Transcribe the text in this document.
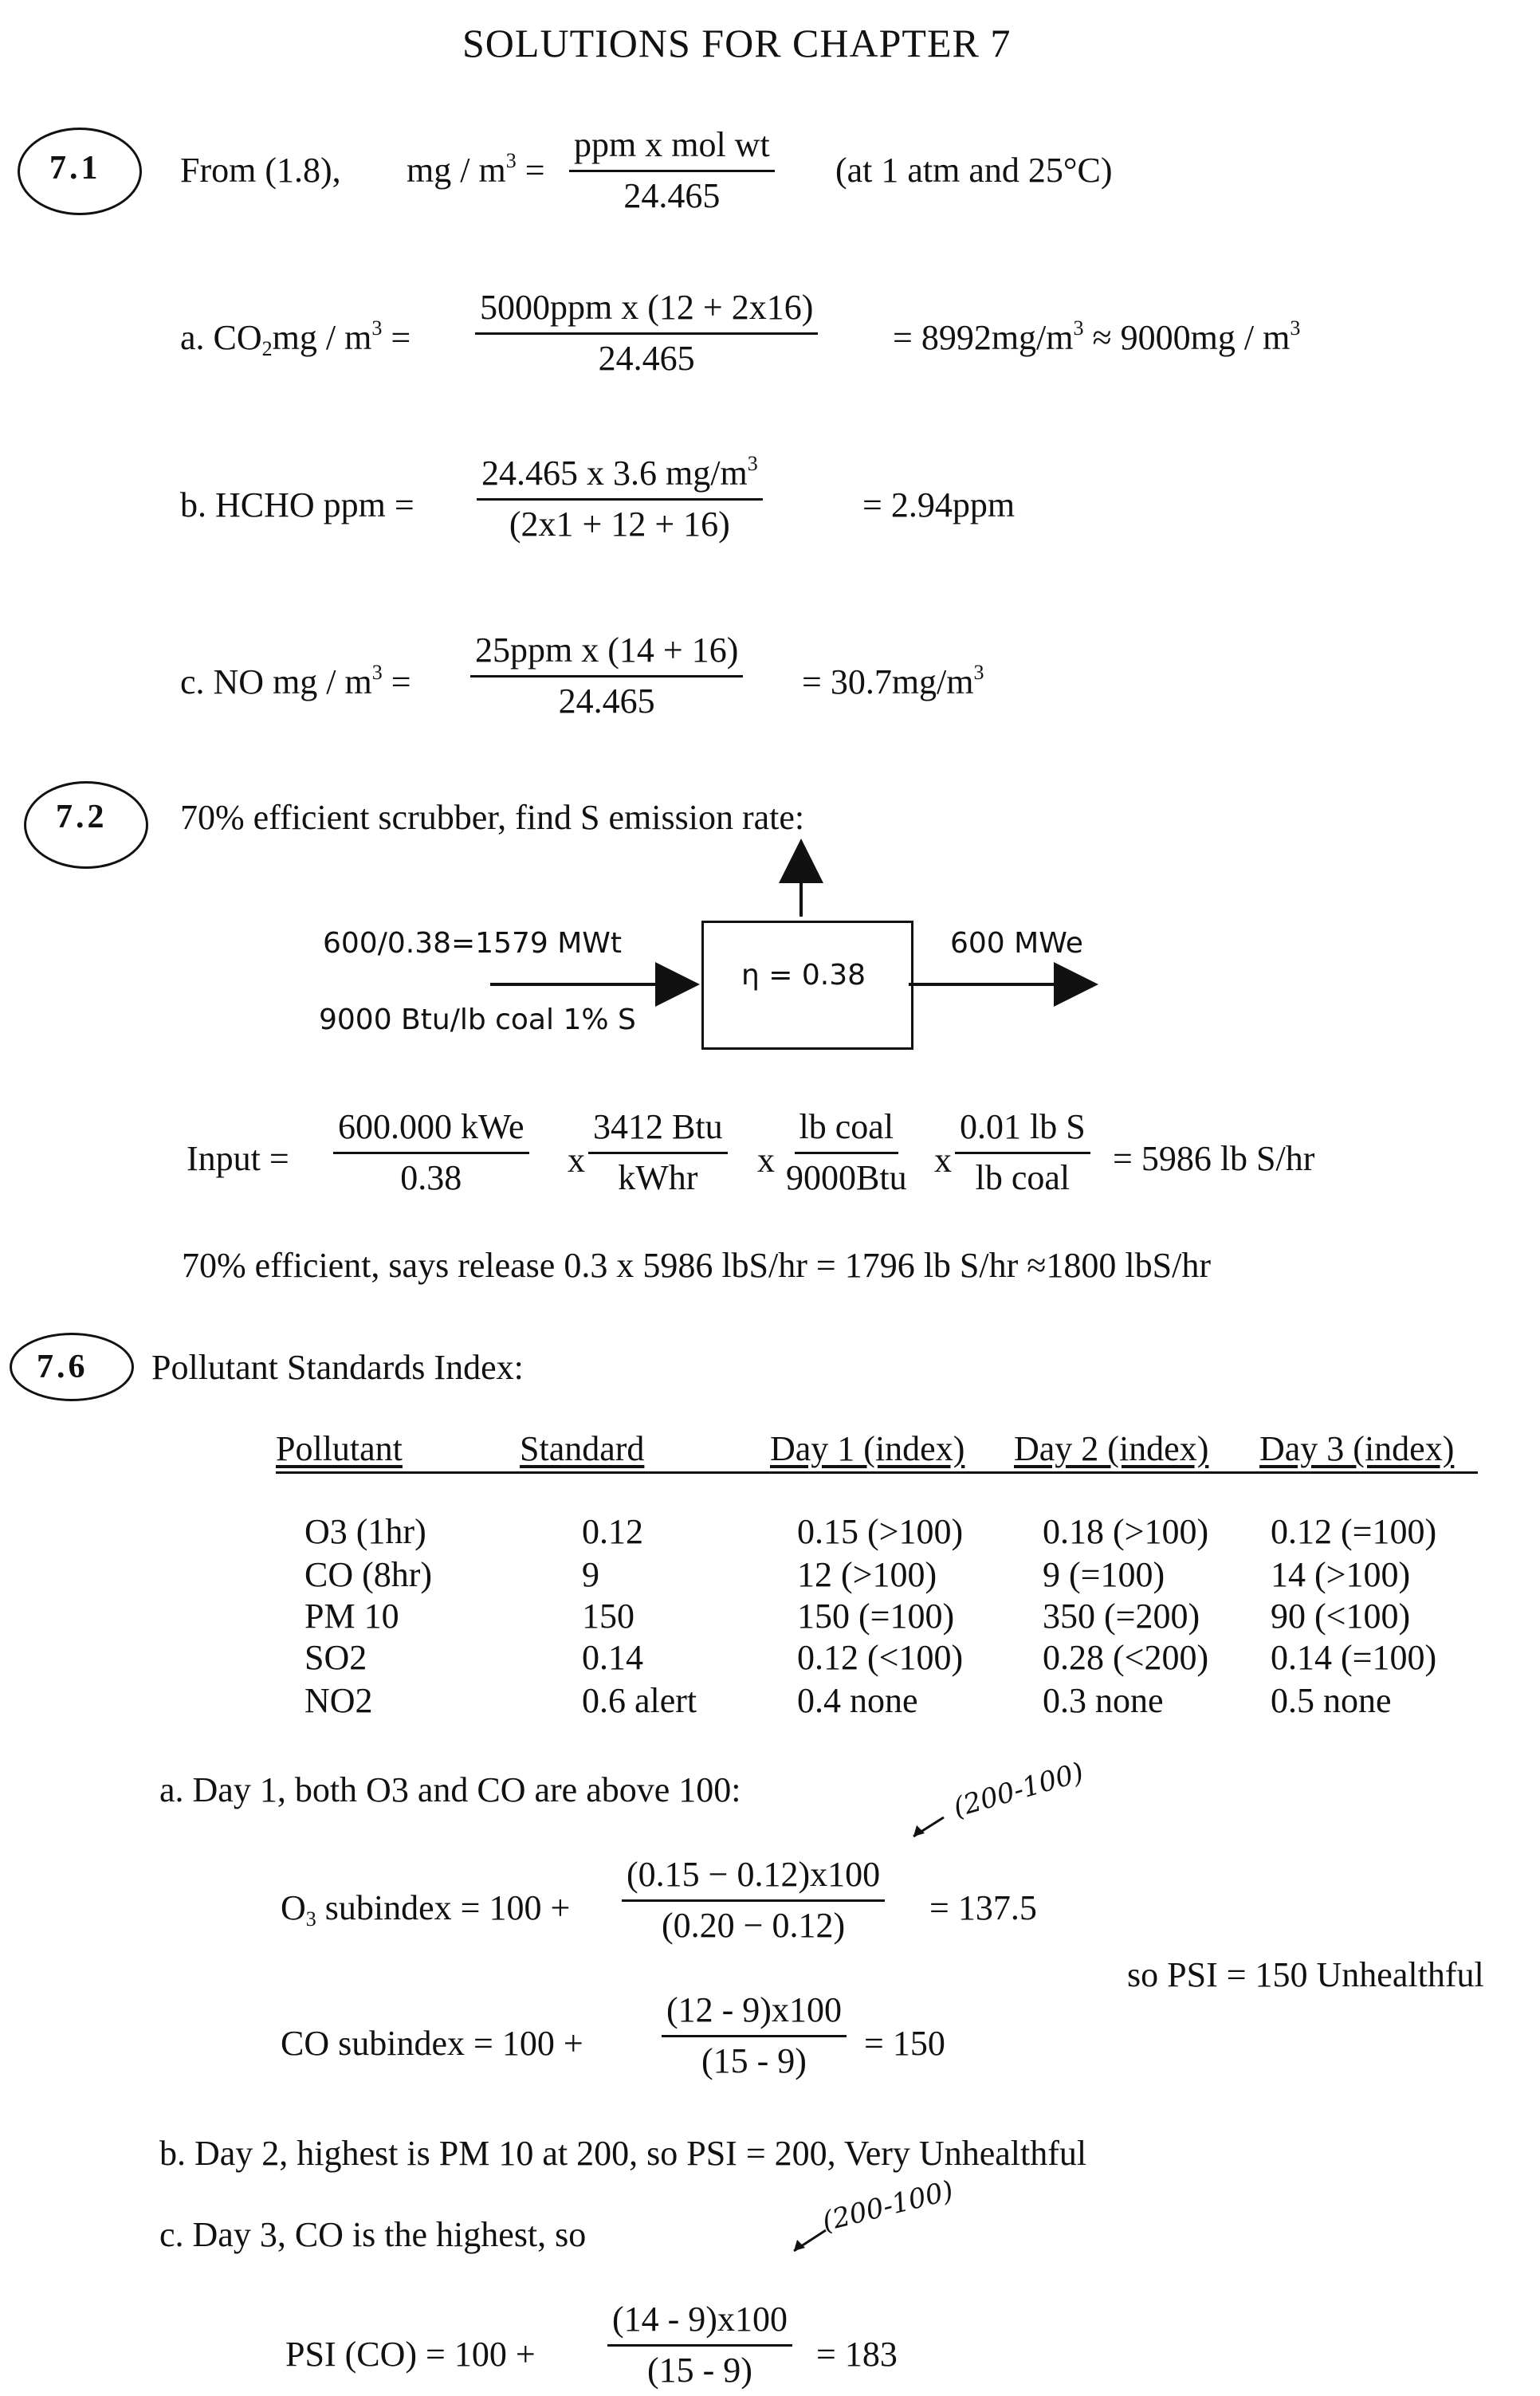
SOLUTIONS FOR CHAPTER 7
7.1 From (1.8), mg / $m^3$ =
ppm x mol wt
24.465
(at 1 atm and 25°C)
a. $CO_2mg / m^3$ =
5000ppm x (12 + 2x16)
24.465
= $8992mg/m^3 \approx 9000mg / m^3$
b. HCHO ppm = $\frac{24.465 x 3.6 mg/m^3}{(2x1 + 12 + 16)}$	= 2.94ppm
c. NO mg / $m^3$ =
25ppm x (14 + 16)
24.465	= $30.7mg/m^3$
7.2 70% efficient scrubber, find S emission rate:
η = 0.38
600/0.38=1579 MWt
9000 Btu/lb coal 1% S
600 MWe
Input =
600.000 kWe
0.38	x
3412 Btu
kWhr x
lb coal
9000Btu x
0.01 lb S
lb coal = 5986 lb S/hr
70% efficient, says release 0.3 x 5986 lbS/hr = 1796 lb S/hr ≈1800 lbS/hr
7.6 Pollutant Standards Index:
Pollutant	Standard	Day 1 (index) Day 2 (index) Day 3 (index)
O3 (1hr)	0.12	0.15 (>100) 0.18 (>100) 0.12 (=100)
CO (8hr)	9	12 (>100)	9 (=100)	14 (>100)
PM 10	150	150 (=100)	350 (=200) 90 (<100)
SO2	0.14	0.12 (<100) 0.28 (<200) 0.14 (=100)
NO2	0.6 alert	0.4 none	0.3 none	0.5 none
a. Day 1, both O3 and CO are above 100:	(200-100)
$O_3$ subindex = $100 + \frac{(0.15 - 0.12)x100}{(0.20 - 0.12)} = 137.5$
so PSI = 150 Unhealthful
CO subindex = $100 + \frac{(12 - 9)x100}{(15 - 9)} = 150$
b. Day 2, highest is PM 10 at 200, so PSI = 200, Very Unhealthful
c. Day 3, CO is the highest, so	(200-100)
PSI $(CO) = 100 + \frac{(14 - 9)x100}{(15 - 9)} = 183$
